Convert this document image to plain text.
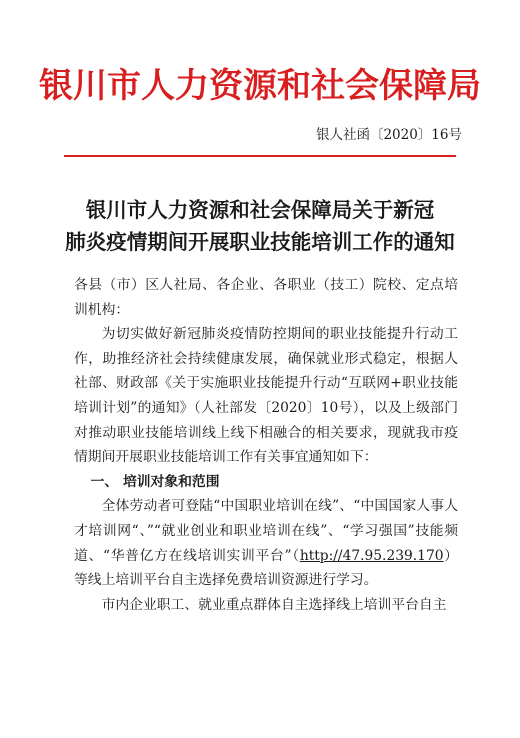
银川市人力资源和社会保障局
银人社函〔2020〕16号
银川市人力资源和社会保障局关于新冠
肺炎疫情期间开展职业技能培训工作的通知

各县（市）区人社局、各企业、各职业（技工）院校、定点培训机构：

为切实做好新冠肺炎疫情防控期间的职业技能提升行动工作，助推经济社会持续健康发展，确保就业形式稳定，根据人社部、财政部《关于实施职业技能提升行动“互联网+职业技能培训计划”的通知》（人社部发〔2020〕10号），以及上级部门对推动职业技能培训线上线下相融合的相关要求，现就我市疫情期间开展职业技能培训工作有关事宜通知如下：

一、 培训对象和范围

全体劳动者可登陆“中国职业培训在线”、“中国国家人事人才培训网“、”“就业创业和职业培训在线”、“学习强国”技能频道、“华普亿方在线培训实训平台”（http://47.95.239.170）等线上培训平台自主选择免费培训资源进行学习。

市内企业职工、就业重点群体自主选择线上培训平台自主
